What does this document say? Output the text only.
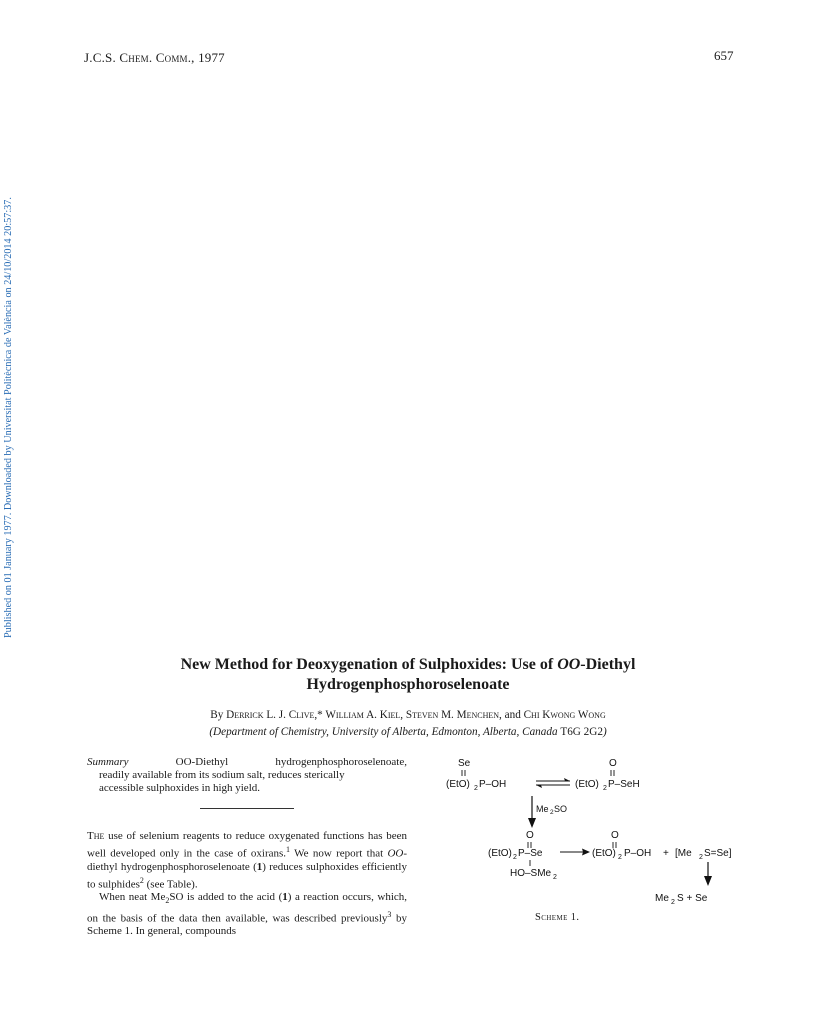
J.C.S. Chem. Comm., 1977	657
Published on 01 January 1977. Downloaded by Universitat Politècnica de València on 24/10/2014 20:57:37.
New Method for Deoxygenation of Sulphoxides: Use of OO-Diethyl
Hydrogenphosphoroselenoate
By Derrick L. J. Clive,* William A. Kiel, Steven M. Menchen, and Chi Kwong Wong
(Department of Chemistry, University of Alberta, Edmonton, Alberta, Canada T6G 2G2)
Summary	OO-Diethyl	hydrogenphosphoroselenoate,
readily available from its sodium salt, reduces sterically
accessible sulphoxides in high yield.

The use of selenium reagents to reduce oxygenated functions has been well developed only in the case of oxirans.$^1$ We now report that OO-diethyl hydrogenphosphoroselenoate (1) reduces sulphoxides efficiently to sulphides$^2$ (see Table).

When neat $Me_2SO$ is added to the acid (1) a reaction occurs, which, on the basis of the data then available, was described previously$^3$ by Scheme 1. In general, compounds

Se	O
(EtO) 2 P–OH	(EtO) 2 P–SeH
Me 2 SO
O
(EtO) 2 P–Se
HO–SMe 2
O
(EtO) 2 P–OH + [Me 2 S=Se]
Me 2 S + Se
Scheme 1.
